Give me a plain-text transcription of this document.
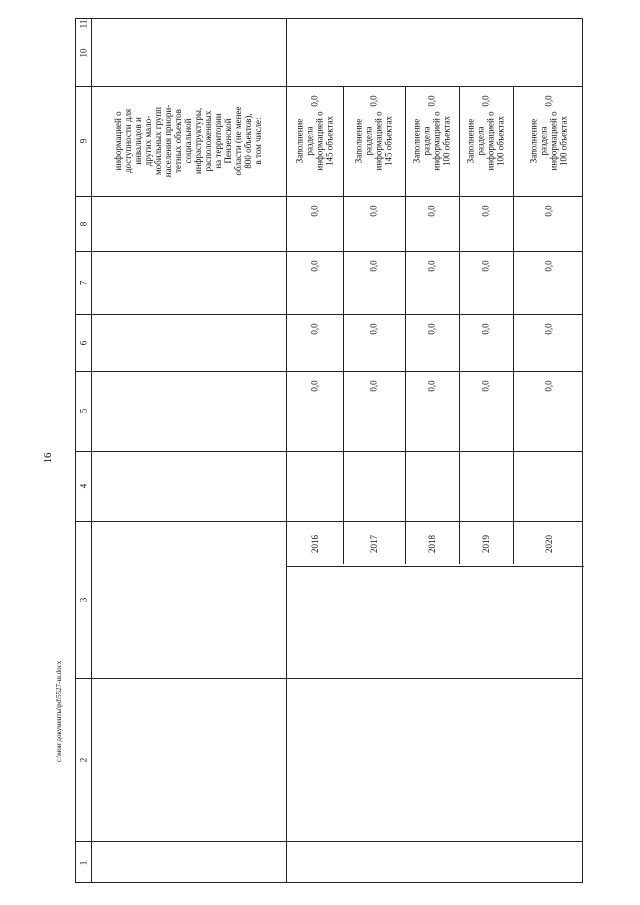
16
c:\мои документы\pd\5527-ш.docx
1
2
3
4
5
6
7
8
9
10
11
информацией о доступности для инвалидов и других мало- мобильных групп населения приори- тетных объектов социальной инфраструктуры, расположенных на территории Пензенской области (не менее 800 объектов), в том числе:
2016
0,0
0,0
0,0
0,0
0,0
Заполнение раздела информацией о 145 объектах
2017
0,0
0,0
0,0
0,0
0,0
Заполнение раздела информацией о 145 объектах
2018
0,0
0,0
0,0
0,0
0,0
Заполнение раздела информацией о 100 объектах
2019
0,0
0,0
0,0
0,0
0,0
Заполнение раздела информацией о 100 объектах
2020
0,0
0,0
0,0
0,0
0,0
Заполнение раздела информацией о 100 объектах
